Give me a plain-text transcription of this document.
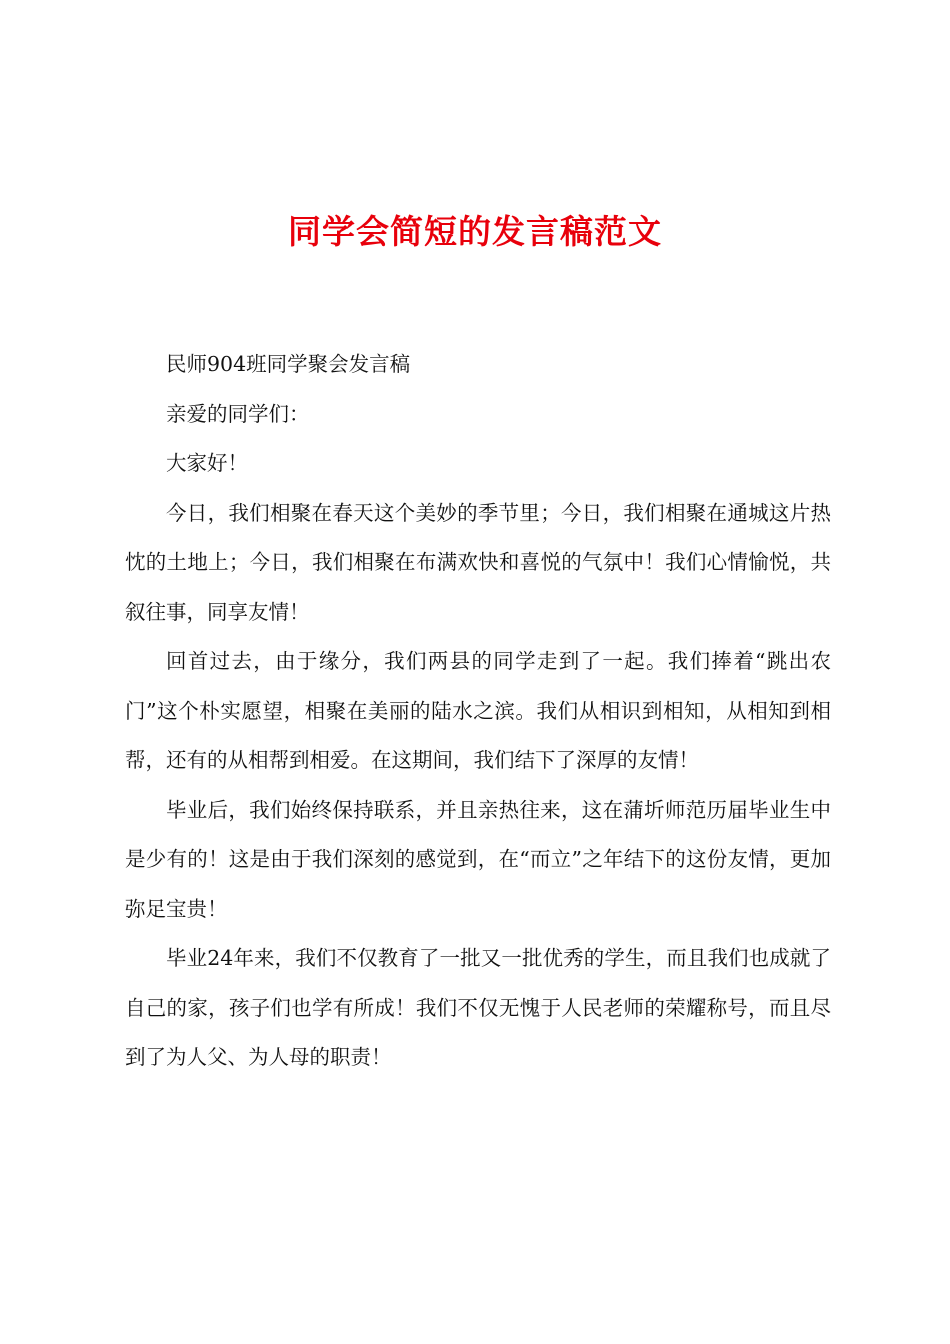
同学会简短的发言稿范文

民师904班同学聚会发言稿

亲爱的同学们：

大家好！

今日，我们相聚在春天这个美妙的季节里；今日，我们相聚在通城这片热忱的土地上；今日，我们相聚在布满欢快和喜悦的气氛中！我们心情愉悦，共叙往事，同享友情！

回首过去，由于缘分，我们两县的同学走到了一起。我们捧着“跳出农门”这个朴实愿望，相聚在美丽的陆水之滨。我们从相识到相知，从相知到相帮，还有的从相帮到相爱。在这期间，我们结下了深厚的友情！

毕业后，我们始终保持联系，并且亲热往来，这在蒲圻师范历届毕业生中是少有的！这是由于我们深刻的感觉到，在“而立”之年结下的这份友情，更加弥足宝贵！

毕业24年来，我们不仅教育了一批又一批优秀的学生，而且我们也成就了自己的家，孩子们也学有所成！我们不仅无愧于人民老师的荣耀称号，而且尽到了为人父、为人母的职责！
